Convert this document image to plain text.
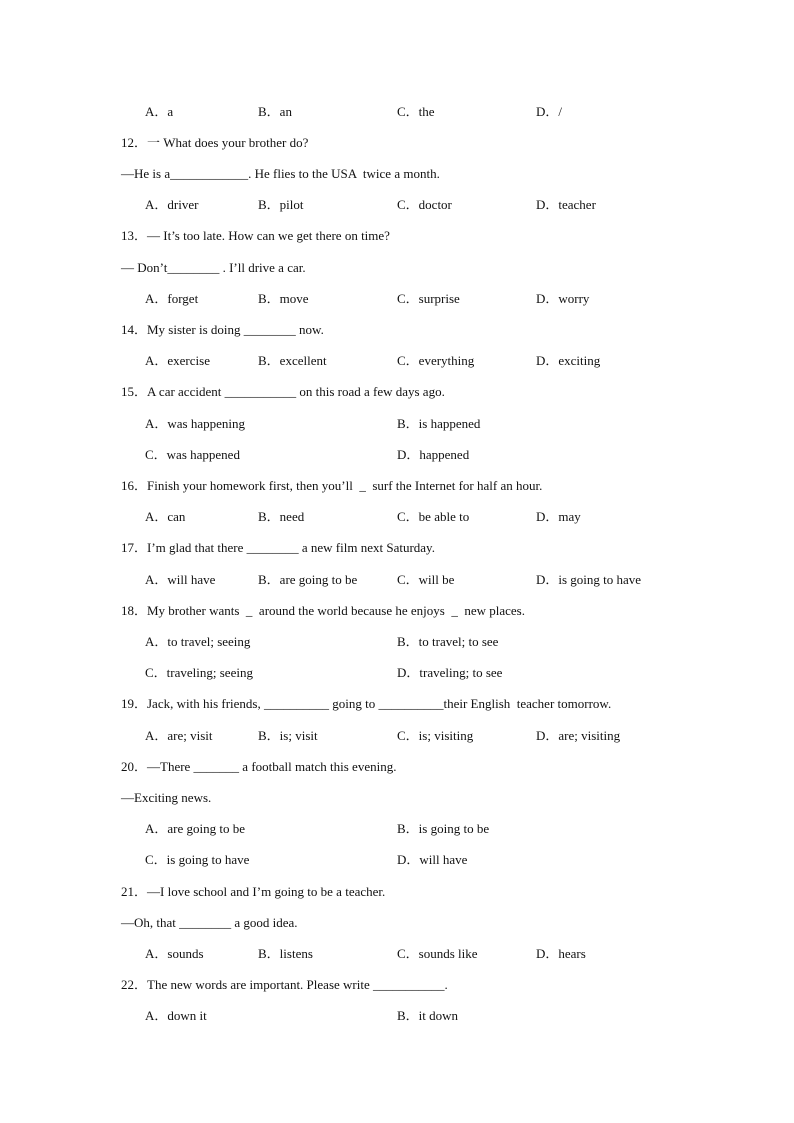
A．a	B．an	C．the	D．/
12．一 What does your brother do?
—He is a____________. He flies to the USA  twice a month.
A．driver	B．pilot	C．doctor	D．teacher
13．— It’s too late. How can we get there on time?
— Don’t________ . I’ll drive a car.
A．forget	B．move	C．surprise	D．worry
14．My sister is doing ________ now.
A．exercise	B．excellent	C．everything	D．exciting
15．A car accident ___________ on this road a few days ago.
A．was happening	B．is happened
C．was happened	D．happened
16．Finish your homework first, then you’ll  _  surf the Internet for half an hour.
A．can	B．need	C．be able to	D．may
17．I’m glad that there ________ a new film next Saturday.
A．will have	B．are going to be	C．will be	D．is going to have
18．My brother wants  _  around the world because he enjoys  _  new places.
A．to travel; seeing	B．to travel; to see
C．traveling; seeing	D．traveling; to see
19．Jack, with his friends, __________ going to __________their English  teacher tomorrow.
A．are; visit	B．is; visit	C．is; visiting	D．are; visiting
20．—There _______ a football match this evening.
—Exciting news.
A．are going to be	B．is going to be
C．is going to have	D．will have
21．—I love school and I’m going to be a teacher.
—Oh, that ________ a good idea.
A．sounds	B．listens	C．sounds like	D．hears
22．The new words are important. Please write ___________.
A．down it	B．it down
